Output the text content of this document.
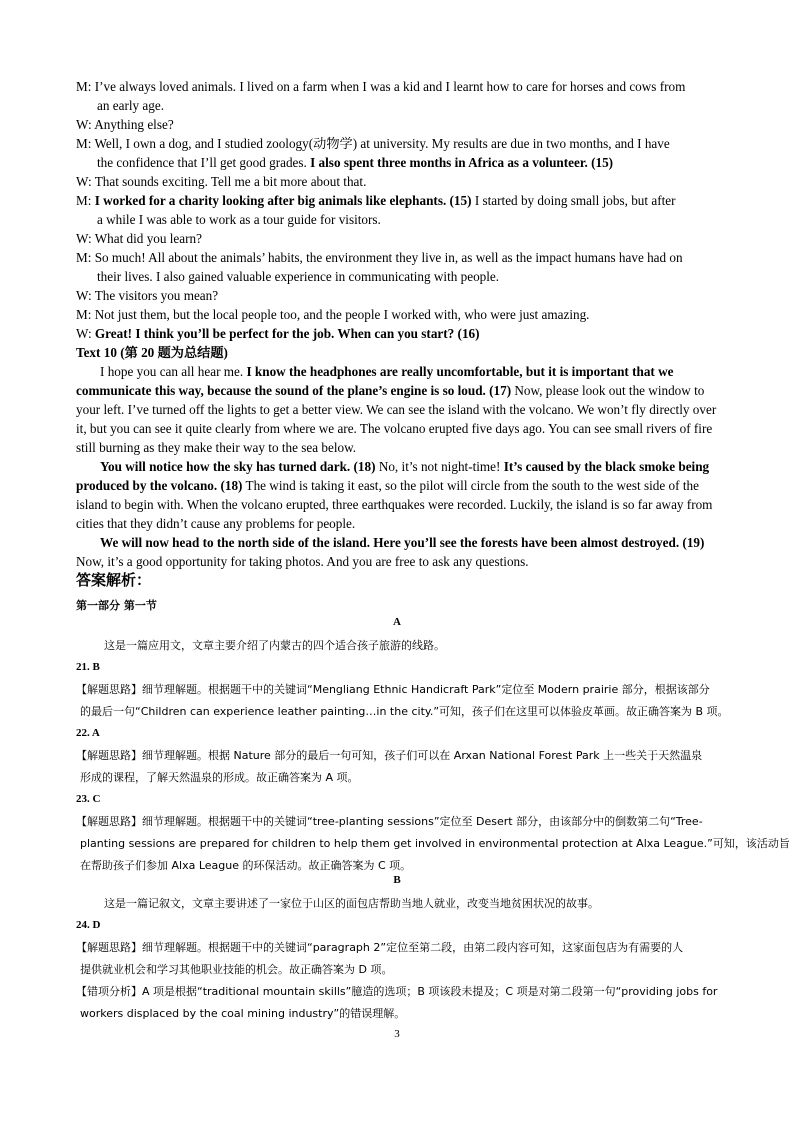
M: I’ve always loved animals. I lived on a farm when I was a kid and I learnt how to care for horses and cows from
an early age.
W: Anything else?
M: Well, I own a dog, and I studied zoology(动物学) at university. My results are due in two months, and I have
the confidence that I’ll get good grades. I also spent three months in Africa as a volunteer. (15)
W: That sounds exciting. Tell me a bit more about that.
M: I worked for a charity looking after big animals like elephants. (15) I started by doing small jobs, but after
a while I was able to work as a tour guide for visitors.
W: What did you learn?
M: So much! All about the animals’ habits, the environment they live in, as well as the impact humans have had on
their lives. I also gained valuable experience in communicating with people.
W: The visitors you mean?
M: Not just them, but the local people too, and the people I worked with, who were just amazing.
W: Great! I think you’ll be perfect for the job. When can you start? (16)
Text 10 (第 20 题为总结题)
I hope you can all hear me. I know the headphones are really uncomfortable, but it is important that we
communicate this way, because the sound of the plane’s engine is so loud. (17) Now, please look out the window to
your left. I’ve turned off the lights to get a better view. We can see the island with the volcano. We won’t fly directly over
it, but you can see it quite clearly from where we are. The volcano erupted five days ago. You can see small rivers of fire
still burning as they make their way to the sea below.
You will notice how the sky has turned dark. (18) No, it’s not night-time! It’s caused by the black smoke being
produced by the volcano. (18) The wind is taking it east, so the pilot will circle from the south to the west side of the
island to begin with. When the volcano erupted, three earthquakes were recorded. Luckily, the island is so far away from
cities that they didn’t cause any problems for people.
We will now head to the north side of the island. Here you’ll see the forests have been almost destroyed. (19)
Now, it’s a good opportunity for taking photos. And you are free to ask any questions.
答案解析：
第一部分 第一节
A
这是一篇应用文，文章主要介绍了内蒙古的四个适合孩子旅游的线路。
21. B
【解题思路】细节理解题。根据题干中的关键词“Mengliang Ethnic Handicraft Park”定位至 Modern prairie 部分，根据该部分
的最后一句“Children can experience leather painting…in the city.”可知，孩子们在这里可以体验皮革画。故正确答案为 B 项。
22. A
【解题思路】细节理解题。根据 Nature 部分的最后一句可知，孩子们可以在 Arxan National Forest Park 上一些关于天然温泉
形成的课程，了解天然温泉的形成。故正确答案为 A 项。
23. C
【解题思路】细节理解题。根据题干中的关键词“tree-planting sessions”定位至 Desert 部分，由该部分中的倒数第二句“Tree-
planting sessions are prepared for children to help them get involved in environmental protection at Alxa League.”可知，该活动旨
在帮助孩子们参加 Alxa League 的环保活动。故正确答案为 C 项。
B
这是一篇记叙文，文章主要讲述了一家位于山区的面包店帮助当地人就业，改变当地贫困状况的故事。
24. D
【解题思路】细节理解题。根据题干中的关键词“paragraph 2”定位至第二段，由第二段内容可知，这家面包店为有需要的人
提供就业机会和学习其他职业技能的机会。故正确答案为 D 项。
【错项分析】A 项是根据“traditional mountain skills”臆造的选项；B 项该段未提及；C 项是对第二段第一句“providing jobs for
workers displaced by the coal mining industry”的错误理解。
3
